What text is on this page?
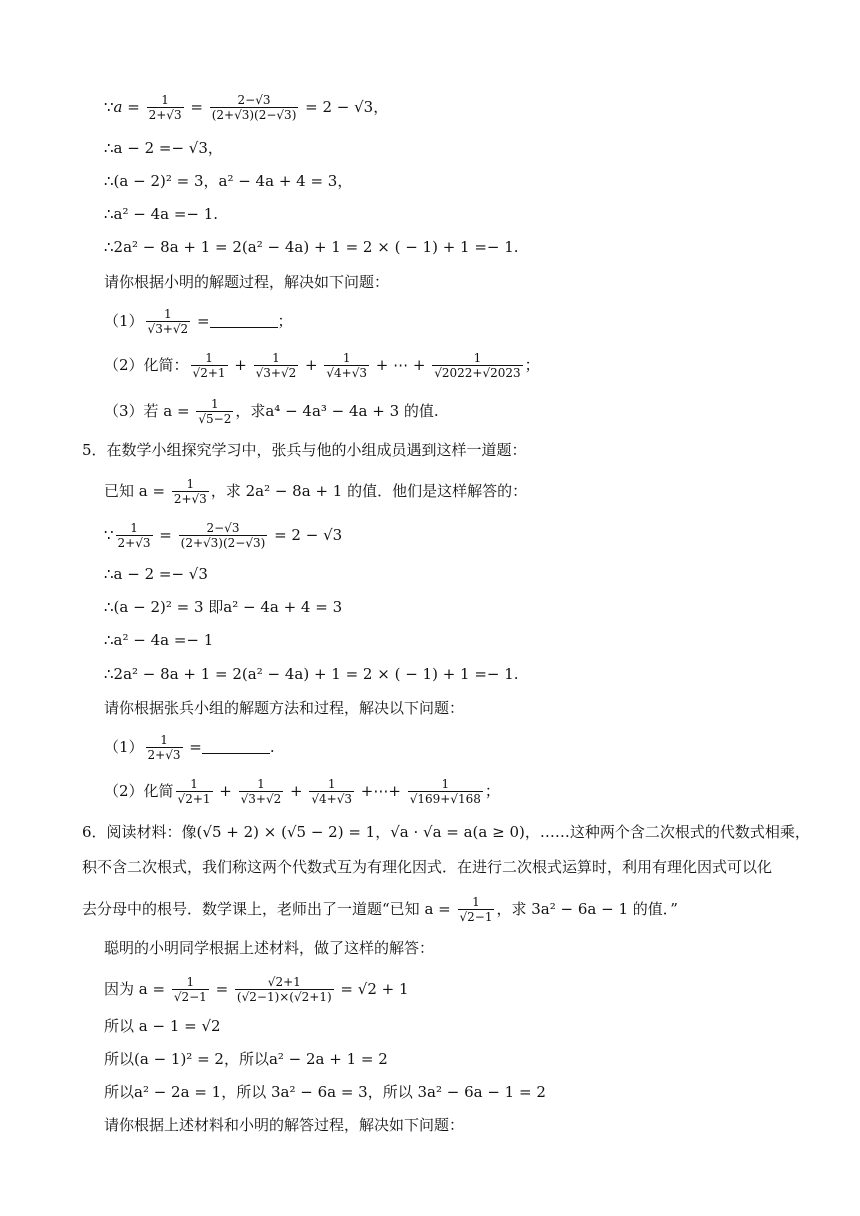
∵a = $\frac{1}{2+√3} = \frac{2-√3}{(2+√3)(2-√3)} = 2 - √3$，
∴a − 2 =− √3，
∴(a − 2)² = 3，a² − 4a + 4 = 3，
∴a² − 4a =− 1.
∴2a² − 8a + 1 = 2(a² − 4a) + 1 = 2 × ( − 1) + 1 =− 1.
请你根据小明的解题过程，解决如下问题：
$(1) \frac{1}{√3+√2}$ =	；
（2）化简： $\frac{1}{√2+1} + \frac{1}{√3+√2} + \frac{1}{√4+√3}$ + ⋯ + $\frac{1}{√2022+√2023}$ ；
（3）若 $a = \frac{1}{√5-2}$ ，求a⁴ − 4a³ − 4a + 3 的值.
5．在数学小组探究学习中，张兵与他的小组成员遇到这样一道题：
已知 $a = \frac{1}{2+√3}$ ，求 2a² − 8a + 1 的值．他们是这样解答的：
∵ $\frac{1}{2+√3} = \frac{2-√3}{(2+√3)(2-√3)} = 2 - √3$
∴a − 2 =− √3
∴(a − 2)² = 3 即a² − 4a + 4 = 3
∴a² − 4a =− 1
∴2a² − 8a + 1 = 2(a² − 4a) + 1 = 2 × ( − 1) + 1 =− 1.
请你根据张兵小组的解题方法和过程，解决以下问题：
$(1) \frac{1}{2+√3}$ =	.
（2）化简 $\frac{1}{√2+1} + \frac{1}{√3+√2} + \frac{1}{√4+√3}$ +⋯+ $\frac{1}{√169+√168}$ ；
6．阅读材料：像(√5 + 2) × (√5 − 2) = 1，√a · √a = a(a ≥ 0)，……这种两个含二次根式的代数式相乘，
积不含二次根式，我们称这两个代数式互为有理化因式．在进行二次根式运算时，利用有理化因式可以化
去分母中的根号．数学课上，老师出了一道题“已知 $a = \frac{1}{√2-1}$ ，求 3a² − 6a − 1 的值．”
聪明的小明同学根据上述材料，做了这样的解答：
因为 $a = \frac{1}{√2-1} = \frac{√2+1}{(√2-1)\times(√2+1)} = √2 + 1$
所以 a − 1 = √2
所以(a − 1)² = 2，所以a² − 2a + 1 = 2
所以a² − 2a = 1，所以 3a² − 6a = 3，所以 3a² − 6a − 1 = 2
请你根据上述材料和小明的解答过程，解决如下问题：
